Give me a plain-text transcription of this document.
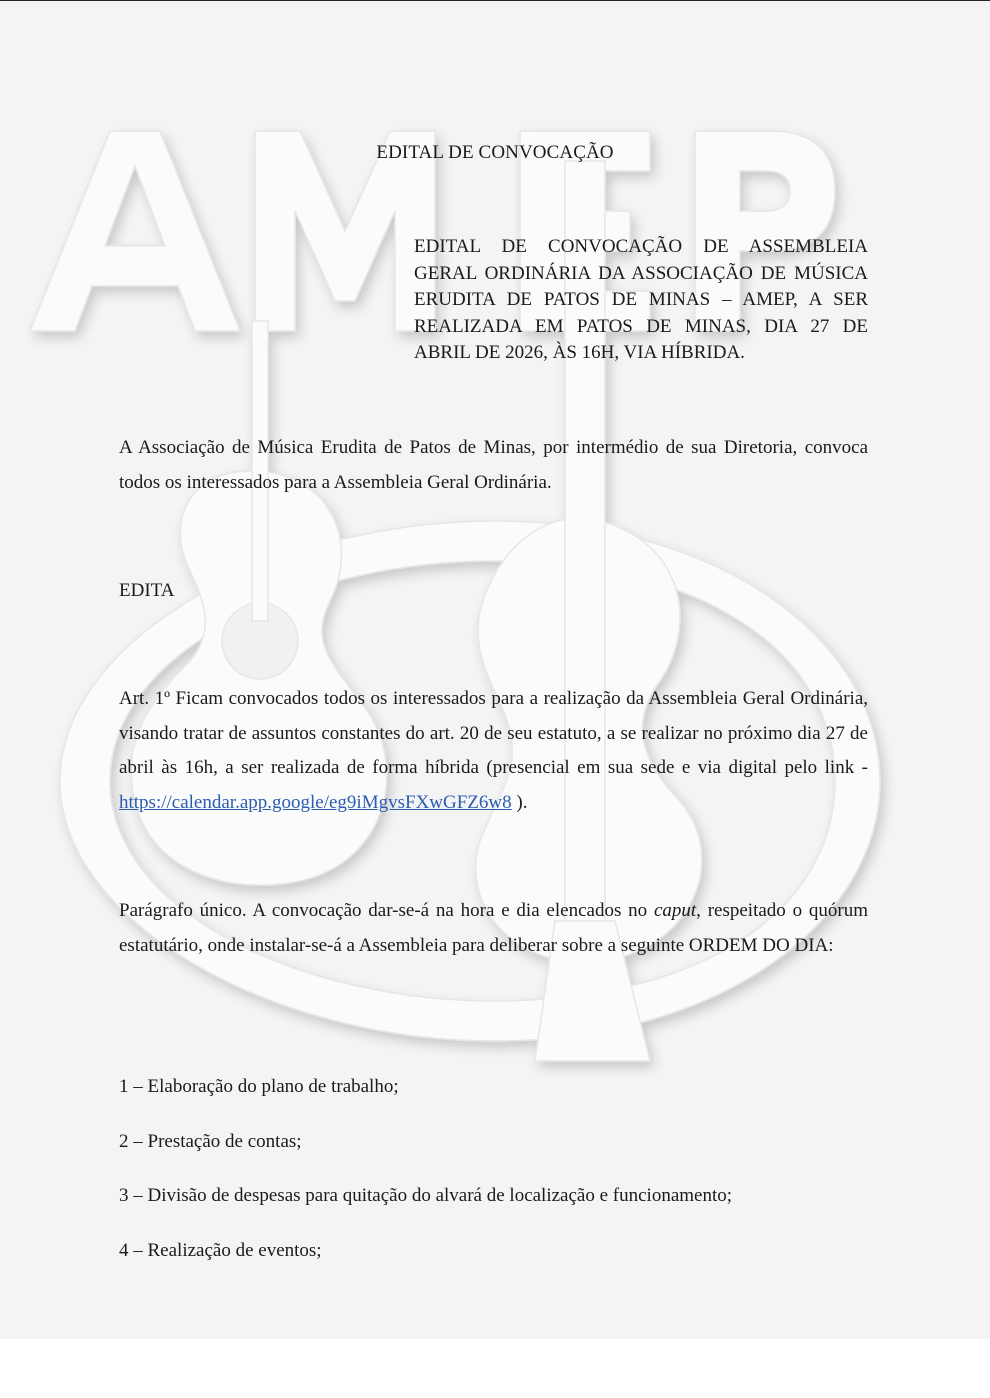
EDITAL DE CONVOCAÇÃO
EDITAL DE CONVOCAÇÃO DE ASSEMBLEIA GERAL ORDINÁRIA DA ASSOCIAÇÃO DE MÚSICA ERUDITA DE PATOS DE MINAS – AMEP, A SER REALIZADA EM PATOS DE MINAS, DIA 27 DE ABRIL DE 2026, ÀS 16H, VIA HÍBRIDA.
A Associação de Música Erudita de Patos de Minas, por intermédio de sua Diretoria, convoca todos os interessados para a Assembleia Geral Ordinária.
EDITA
Art. 1º Ficam convocados todos os interessados para a realização da Assembleia Geral Ordinária, visando tratar de assuntos constantes do art. 20 de seu estatuto, a se realizar no próximo dia 27 de abril às 16h, a ser realizada de forma híbrida (presencial em sua sede e via digital pelo link - https://calendar.app.google/eg9iMgvsFXwGFZ6w8 ).
Parágrafo único. A convocação dar-se-á na hora e dia elencados no caput, respeitado o quórum estatutário, onde instalar-se-á a Assembleia para deliberar sobre a seguinte ORDEM DO DIA:
1 – Elaboração do plano de trabalho;
2 – Prestação de contas;
3 – Divisão de despesas para quitação do alvará de localização e funcionamento;
4 – Realização de eventos;
